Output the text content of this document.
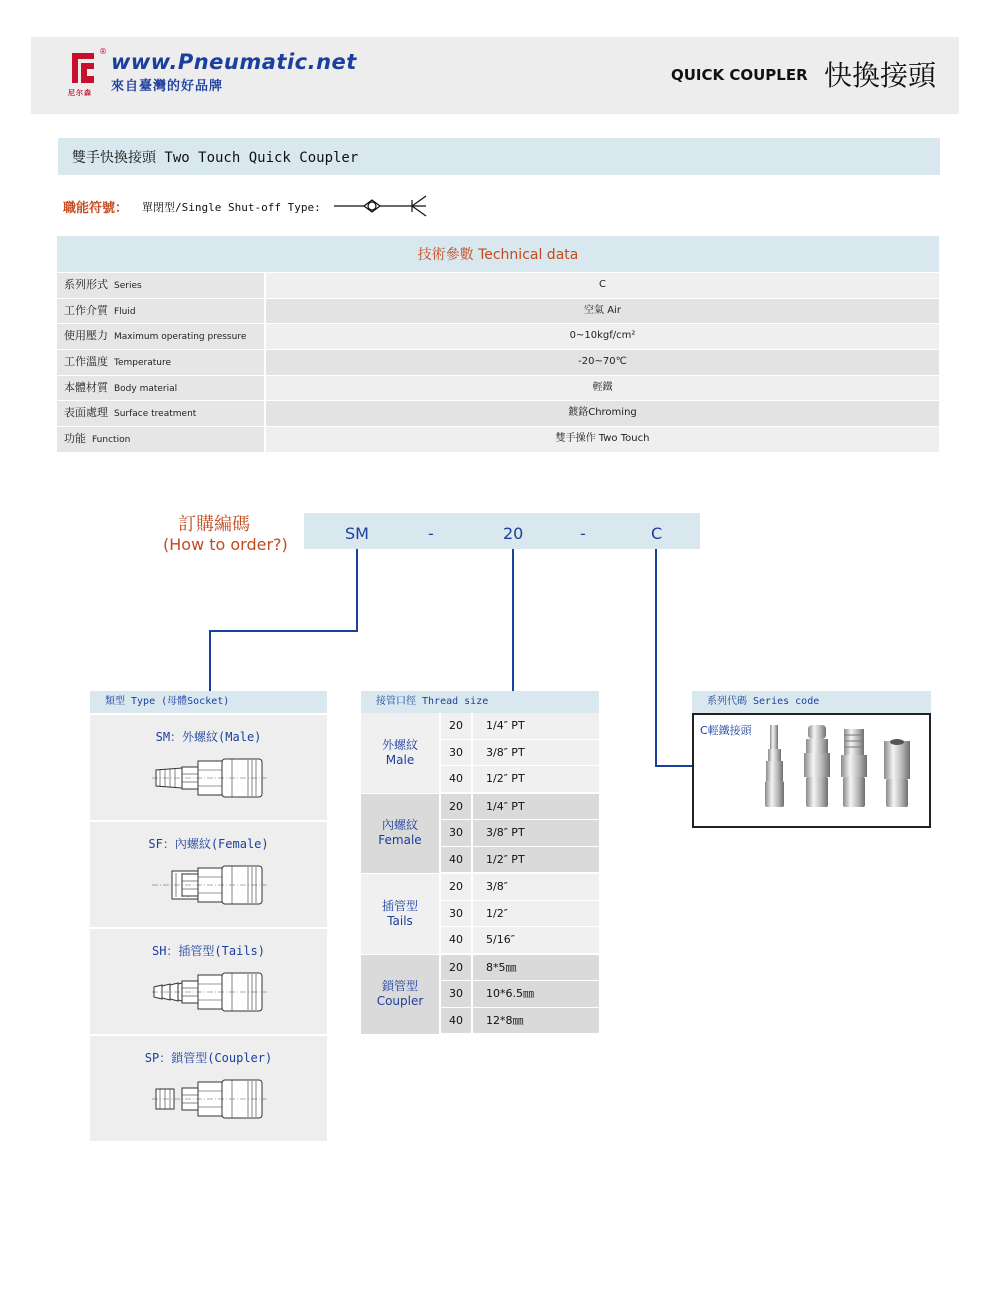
®
尼尔森
www.Pneumatic.net
來自臺灣的好品牌
QUICK COUPLER 快換接頭
雙手快換接頭 Two Touch Quick Coupler
職能符號： 單閉型/Single Shut-off Type:
技術參數 Technical data
系列形式 Series	C
工作介質 Fluid	空氣 Air
使用壓力 Maximum operating pressure	0~10kgf/cm²
工作溫度 Temperature	-20~70℃
本體材質 Body material	輕鐵
表面處理 Surface treatment	鍍鉻Chroming
功能 Function	雙手操作 Two Touch
訂購編碼
(How to order?)
SM	-	20	-	C
類型 Type (母體Socket)
SM：外螺紋(Male)
SF：內螺紋(Female)
SH：插管型(Tails)
SP：鎖管型(Coupler)
接管口徑 Thread size
外螺紋
Male
20	1/4″ PT
30	3/8″ PT
40	1/2″ PT
內螺紋
Female
20	1/4″ PT
30	3/8″ PT
40	1/2″ PT
插管型
Tails
20	3/8″
30	1/2″
40	5/16″
鎖管型
Coupler
20	8*5㎜
30	10*6.5㎜
40	12*8㎜
系列代碼 Series code
C輕鐵接頭
